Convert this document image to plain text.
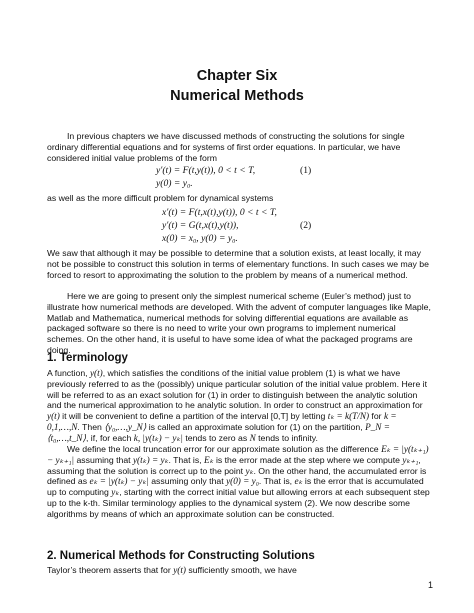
Chapter Six
Numerical Methods

In previous chapters we have discussed methods of constructing the solutions for single ordinary differential equations and for systems of first order equations. In particular, we have considered initial value problems of the form

y′(t) = F(t,y(t)), 0 < t < T,
y(0) = y₀.
(1)

as well as the more difficult problem for dynamical systems

x′(t) = F(t,x(t),y(t)), 0 < t < T,
y′(t) = G(t,x(t),y(t)),
x(0) = x₀, y(0) = y₀.
(2)

We saw that although it may be possible to determine that a solution exists, at least locally, it may not be possible to construct this solution in terms of elementary functions. In such cases we may be forced to resort to approximating the solution to the problem by means of a numerical method.

Here we are going to present only the simplest numerical scheme (Euler’s method) just to illustrate how numerical methods are developed. With the advent of computer languages like Maple, Matlab and Mathematica, numerical methods for solving differential equations are available as packaged software so there is no need to write your own programs to implement numerical schemes. On the other hand, it is useful to have some idea of what the packaged programs are doing.

1. Terminology

A function, y(t), which satisfies the conditions of the initial value problem (1) is what we have previously referred to as the (possibly) unique particular solution of the initial value problem. Here it will be referred to as an exact solution for (1) in order to distinguish between the analytic solution and the numerical approximation to he analytic solution. In order to construct an approximation for y(t) it will be convenient to define a partition of the interval [0,T] by letting tₖ = k(T/N) for k = 0,1,…,N. Then ⟨y₀,…,y_N⟩ is called an approximate solution for (1) on the partition, P_N = ⟨t₀,…,t_N⟩, if, for each k, |y(tₖ) − yₖ| tends to zero as N tends to infinity.

We define the local truncation error for our approximate solution as the difference Eₖ = |y(tₖ₊₁) − yₖ₊₁| assuming that y(tₖ) = yₖ. That is, Eₖ is the error made at the step where we compute yₖ₊₁, assuming that the solution is correct up to the point yₖ. On the other hand, the accumulated error is defined as eₖ = |y(tₖ) − yₖ| assuming only that y(0) = y₀. That is, eₖ is the error that is accumulated up to computing yₖ, starting with the correct initial value but allowing errors at each subsequent step up to the k-th. Similar terminology applies to the dynamical system (2). We now describe some algorithms by means of which an approximate solution can be constructed.

2. Numerical Methods for Constructing Solutions

Taylor’s theorem asserts that for y(t) sufficiently smooth, we have

1
